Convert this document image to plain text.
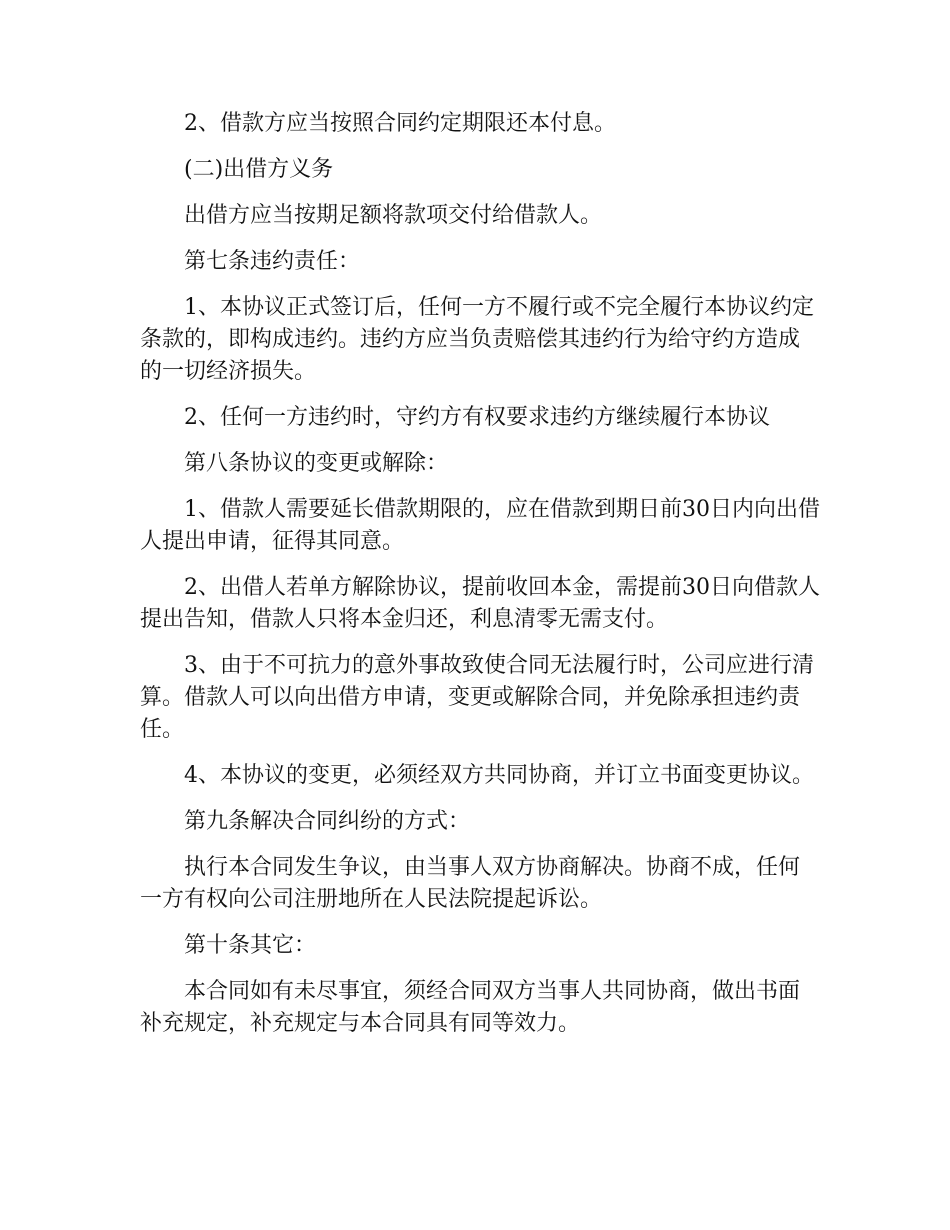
2、借款方应当按照合同约定期限还本付息。

(二)出借方义务

出借方应当按期足额将款项交付给借款人。

第七条违约责任：

1、本协议正式签订后，任何一方不履行或不完全履行本协议约定条款的，即构成违约。违约方应当负责赔偿其违约行为给守约方造成的一切经济损失。

2、任何一方违约时，守约方有权要求违约方继续履行本协议

第八条协议的变更或解除：

1、借款人需要延长借款期限的，应在借款到期日前30日内向出借人提出申请，征得其同意。

2、出借人若单方解除协议，提前收回本金，需提前30日向借款人提出告知，借款人只将本金归还，利息清零无需支付。

3、由于不可抗力的意外事故致使合同无法履行时，公司应进行清算。借款人可以向出借方申请，变更或解除合同，并免除承担违约责任。

4、本协议的变更，必须经双方共同协商，并订立书面变更协议。

第九条解决合同纠纷的方式：

执行本合同发生争议，由当事人双方协商解决。协商不成，任何一方有权向公司注册地所在人民法院提起诉讼。

第十条其它：

本合同如有未尽事宜，须经合同双方当事人共同协商，做出书面补充规定，补充规定与本合同具有同等效力。
